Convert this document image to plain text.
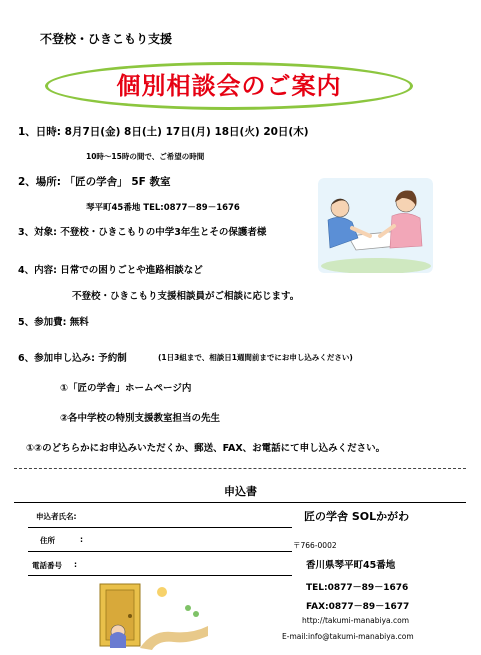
不登校・ひきこもり支援
個別相談会のご案内
1、日時: 8月7日(金) 8日(土) 17日(月) 18日(火) 20日(木)
10時～15時の間で、ご希望の時間
2、場所: 「匠の学舎」 5F 教室
琴平町45番地 TEL:0877－89－1676
3、対象: 不登校・ひきこもりの中学3年生とその保護者様
4、内容: 日常での困りごとや進路相談など
不登校・ひきこもり支援相談員がご相談に応じます。
5、参加費: 無料
6、参加申し込み: 予約制	(1日3組まで、相談日1週間前までにお申し込みください)
①「匠の学舎」ホームページ内
②各中学校の特別支援教室担当の先生
①②のどちらかにお申込みいただくか、郵送、FAX、お電話にて申し込みください。
申込書
申込者氏名:
住所	:
電話番号 :
匠の学舎 SOLかがわ
〒766-0002
香川県琴平町45番地
TEL:0877－89－1676
FAX:0877－89－1677
http://takumi-manabiya.com
E-mail:info@takumi-manabiya.com
